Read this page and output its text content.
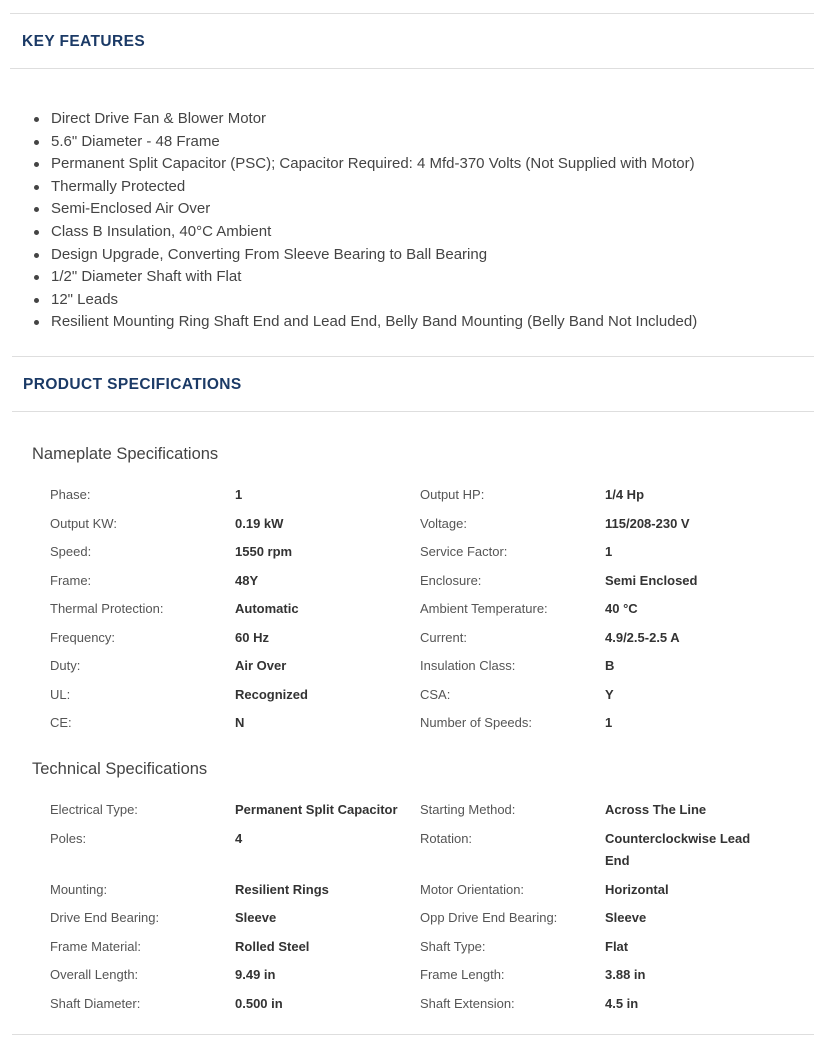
KEY FEATURES
Direct Drive Fan & Blower Motor
5.6" Diameter - 48 Frame
Permanent Split Capacitor (PSC); Capacitor Required: 4 Mfd-370 Volts (Not Supplied with Motor)
Thermally Protected
Semi-Enclosed Air Over
Class B Insulation, 40°C Ambient
Design Upgrade, Converting From Sleeve Bearing to Ball Bearing
1/2" Diameter Shaft with Flat
12" Leads
Resilient Mounting Ring Shaft End and Lead End, Belly Band Mounting (Belly Band Not Included)
PRODUCT SPECIFICATIONS
Nameplate Specifications
Phase:	1	Output HP:	1/4 Hp
Output KW:	0.19 kW	Voltage:	115/208-230 V
Speed:	1550 rpm	Service Factor:	1
Frame:	48Y	Enclosure:	Semi Enclosed
Thermal Protection:	Automatic	Ambient Temperature:	40 °C
Frequency:	60 Hz	Current:	4.9/2.5-2.5 A
Duty:	Air Over	Insulation Class:	B
UL:	Recognized	CSA:	Y
CE:	N	Number of Speeds:	1
Technical Specifications
Electrical Type:	Permanent Split Capacitor	Starting Method:	Across The Line
Poles:	4	Rotation:	Counterclockwise Lead End
Mounting:	Resilient Rings	Motor Orientation:	Horizontal
Drive End Bearing:	Sleeve	Opp Drive End Bearing:	Sleeve
Frame Material:	Rolled Steel	Shaft Type:	Flat
Overall Length:	9.49 in	Frame Length:	3.88 in
Shaft Diameter:	0.500 in	Shaft Extension:	4.5 in
